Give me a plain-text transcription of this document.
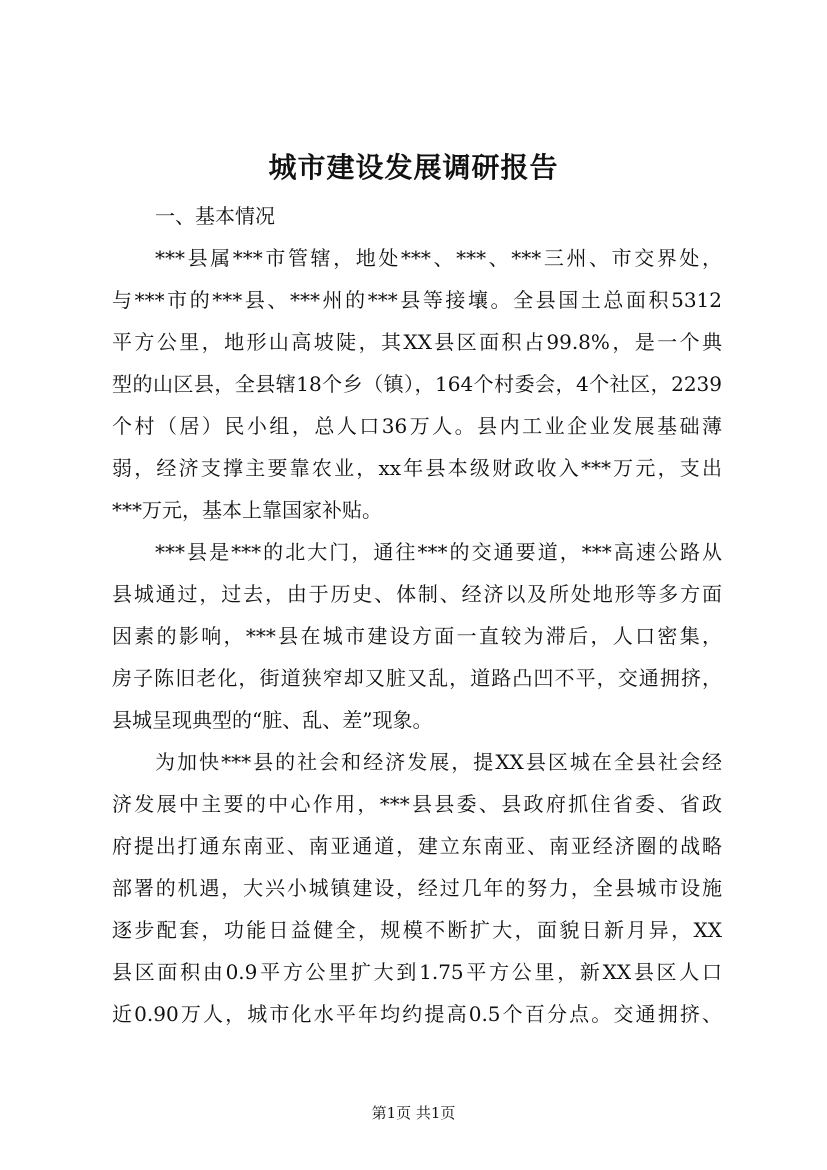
城市建设发展调研报告
一、基本情况
***县属***市管辖，地处***、***、***三州、市交界处，
与***市的***县、***州的***县等接壤。全县国土总面积5312
平方公里，地形山高坡陡，其XX县区面积占99.8%，是一个典
型的山区县，全县辖18个乡（镇），164个村委会，4个社区，2239
个村（居）民小组，总人口36万人。县内工业企业发展基础薄
弱，经济支撑主要靠农业，xx年县本级财政收入***万元，支出
***万元，基本上靠国家补贴。
***县是***的北大门，通往***的交通要道，***高速公路从
县城通过，过去，由于历史、体制、经济以及所处地形等多方面
因素的影响，***县在城市建设方面一直较为滞后，人口密集，
房子陈旧老化，街道狭窄却又脏又乱，道路凸凹不平，交通拥挤，
县城呈现典型的“脏、乱、差”现象。
为加快***县的社会和经济发展，提XX县区城在全县社会经
济发展中主要的中心作用，***县县委、县政府抓住省委、省政
府提出打通东南亚、南亚通道，建立东南亚、南亚经济圈的战略
部署的机遇，大兴小城镇建设，经过几年的努力，全县城市设施
逐步配套，功能日益健全，规模不断扩大，面貌日新月异，XX
县区面积由0.9平方公里扩大到1.75平方公里，新XX县区人口
近0.90万人，城市化水平年均约提高0.5个百分点。交通拥挤、
第1页 共1页
